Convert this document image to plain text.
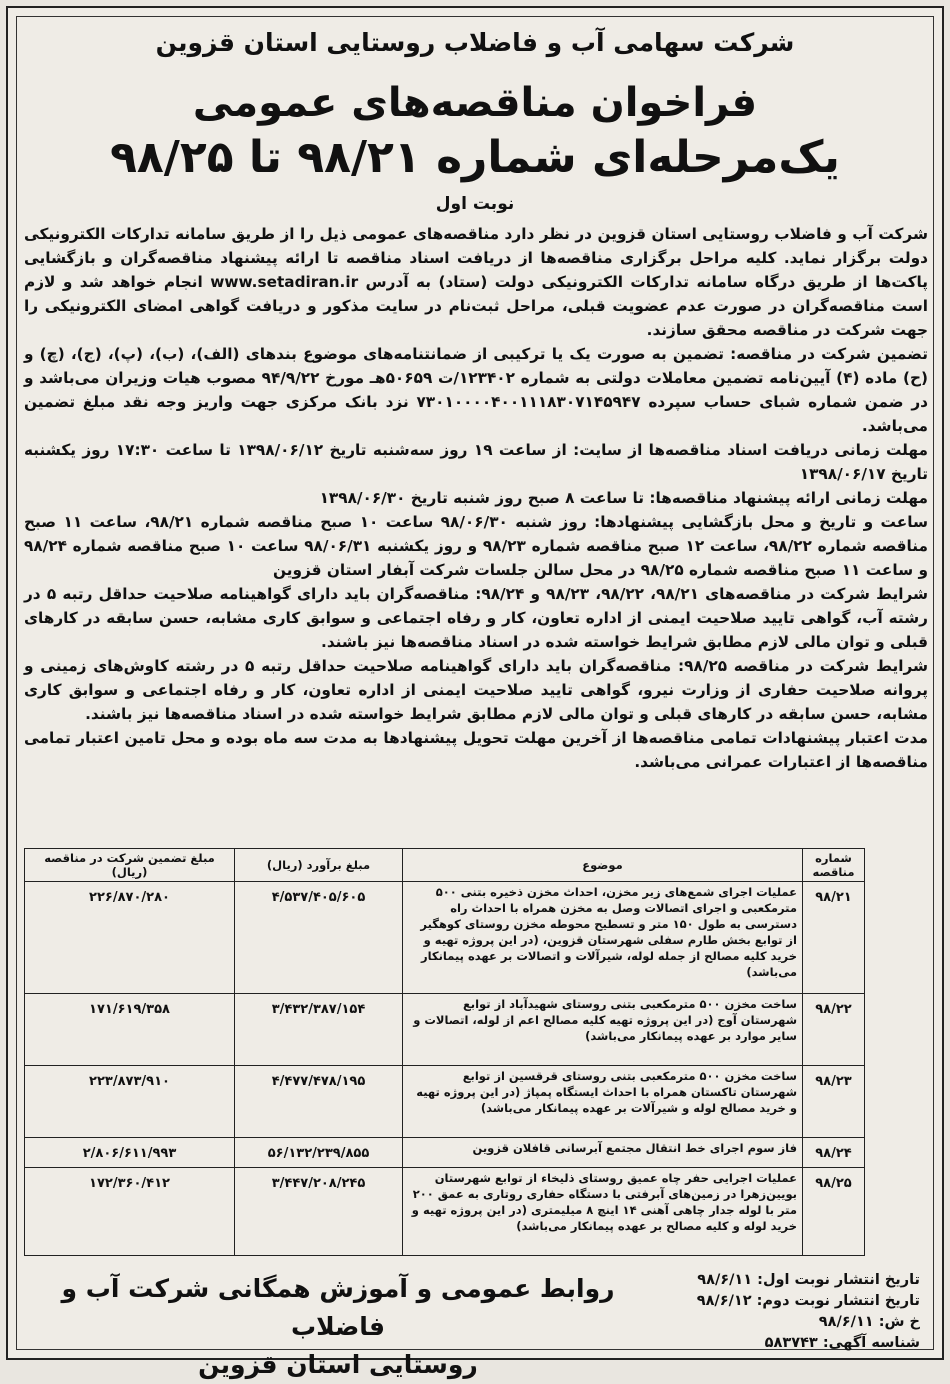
شرکت سهامی آب و فاضلاب روستایی استان قزوین
فراخوان مناقصه‌های عمومی
یک‌مرحله‌ای شماره ۹۸/۲۱ تا ۹۸/۲۵
نوبت اول

شرکت آب و فاضلاب روستایی استان قزوین در نظر دارد مناقصه‌های عمومی ذیل را از طریق سامانه تدارکات الکترونیکی دولت برگزار نماید. کلیه مراحل برگزاری مناقصه‌ها از دریافت اسناد مناقصه تا ارائه پیشنهاد مناقصه‌گران و بازگشایی پاکت‌ها از طریق درگاه سامانه تدارکات الکترونیکی دولت (ستاد) به آدرس www.setadiran.ir انجام خواهد شد و لازم است مناقصه‌گران در صورت عدم عضویت قبلی، مراحل ثبت‌نام در سایت مذکور و دریافت گواهی امضای الکترونیکی را جهت شرکت در مناقصه محقق سازند.

تضمین شرکت در مناقصه: تضمین به صورت یک یا ترکیبی از ضمانتنامه‌های موضوع بندهای (الف)، (ب)، (پ)، (ج)، (چ) و (ح) ماده (۴) آیین‌نامه تضمین معاملات دولتی به شماره ۱۲۳۴۰۲/ت ۵۰۶۵۹هـ مورخ ۹۴/۹/۲۲ مصوب هیات وزیران می‌باشد و در ضمن شماره شبای حساب سپرده ۷۳۰۱۰۰۰۰۴۰۰۱۱۱۸۳۰۷۱۴۵۹۴۷ نزد بانک مرکزی جهت واریز وجه نقد مبلغ تضمین می‌باشد.

مهلت زمانی دریافت اسناد مناقصه‌ها از سایت: از ساعت ۱۹ روز سه‌شنبه تاریخ ۱۳۹۸/۰۶/۱۲ تا ساعت ۱۷:۳۰ روز یکشنبه تاریخ ۱۳۹۸/۰۶/۱۷

مهلت زمانی ارائه پیشنهاد مناقصه‌ها: تا ساعت ۸ صبح روز شنبه تاریخ ۱۳۹۸/۰۶/۳۰

ساعت و تاریخ و محل بازگشایی پیشنهادها: روز شنبه ۹۸/۰۶/۳۰ ساعت ۱۰ صبح مناقصه شماره ۹۸/۲۱، ساعت ۱۱ صبح مناقصه شماره ۹۸/۲۲، ساعت ۱۲ صبح مناقصه شماره ۹۸/۲۳ و روز یکشنبه ۹۸/۰۶/۳۱ ساعت ۱۰ صبح مناقصه شماره ۹۸/۲۴ و ساعت ۱۱ صبح مناقصه شماره ۹۸/۲۵ در محل سالن جلسات شرکت آبفار استان قزوین

شرایط شرکت در مناقصه‌های ۹۸/۲۱، ۹۸/۲۲، ۹۸/۲۳ و ۹۸/۲۴: مناقصه‌گران باید دارای گواهینامه صلاحیت حداقل رتبه ۵ در رشته آب، گواهی تایید صلاحیت ایمنی از اداره تعاون، کار و رفاه اجتماعی و سوابق کاری مشابه، حسن سابقه در کارهای قبلی و توان مالی لازم مطابق شرایط خواسته شده در اسناد مناقصه‌ها نیز باشند.

شرایط شرکت در مناقصه ۹۸/۲۵: مناقصه‌گران باید دارای گواهینامه صلاحیت حداقل رتبه ۵ در رشته کاوش‌های زمینی و پروانه صلاحیت حفاری از وزارت نیرو، گواهی تایید صلاحیت ایمنی از اداره تعاون، کار و رفاه اجتماعی و سوابق کاری مشابه، حسن سابقه در کارهای قبلی و توان مالی لازم مطابق شرایط خواسته شده در اسناد مناقصه‌ها نیز باشند.

مدت اعتبار پیشنهادات تمامی مناقصه‌ها از آخرین مهلت تحویل پیشنهادها به مدت سه ماه بوده و محل تامین اعتبار تمامی مناقصه‌ها از اعتبارات عمرانی می‌باشد.

شماره مناقصه	موضوع	مبلغ برآورد (ریال)	مبلغ تضمین شرکت در مناقصه (ریال)
۹۸/۲۱	عملیات اجرای شمع‌های زیر مخزن، احداث مخزن ذخیره بتنی ۵۰۰ مترمکعبی و اجرای اتصالات وصل به مخزن همراه با احداث راه دسترسی به طول ۱۵۰ متر و تسطیح محوطه مخزن روستای کوهگیر از توابع بخش طارم سفلی شهرستان قزوین، (در این پروژه تهیه و خرید کلیه مصالح از جمله لوله، شیرآلات و اتصالات بر عهده پیمانکار می‌باشد)	۴/۵۳۷/۴۰۵/۶۰۵	۲۲۶/۸۷۰/۲۸۰
۹۸/۲۲	ساخت مخزن ۵۰۰ مترمکعبی بتنی روستای شهیدآباد از توابع شهرستان آوج (در این پروژه تهیه کلیه مصالح اعم از لوله، اتصالات و سایر موارد بر عهده پیمانکار می‌باشد)	۳/۴۳۲/۳۸۷/۱۵۴	۱۷۱/۶۱۹/۳۵۸
۹۸/۲۳	ساخت مخزن ۵۰۰ مترمکعبی بتنی روستای قرقسین از توابع شهرستان تاکستان همراه با احداث ایستگاه پمپاژ (در این پروژه تهیه و خرید مصالح لوله و شیرآلات بر عهده پیمانکار می‌باشد)	۴/۴۷۷/۴۷۸/۱۹۵	۲۲۳/۸۷۳/۹۱۰
۹۸/۲۴	فاز سوم اجرای خط انتقال مجتمع آبرسانی قافلان قزوین	۵۶/۱۳۲/۲۳۹/۸۵۵	۲/۸۰۶/۶۱۱/۹۹۳
۹۸/۲۵	عملیات اجرایی حفر چاه عمیق روستای ذلیخاء از توابع شهرستان بویین‌زهرا در زمین‌های آبرفتی با دستگاه حفاری روتاری به عمق ۲۰۰ متر با لوله جدار چاهی آهنی ۱۴ اینچ ۸ میلیمتری (در این پروژه تهیه و خرید لوله و کلیه مصالح بر عهده پیمانکار می‌باشد)	۳/۴۴۷/۲۰۸/۲۴۵	۱۷۲/۳۶۰/۴۱۲
تاریخ انتشار نوبت اول: ۹۸/۶/۱۱
تاریخ انتشار نوبت دوم: ۹۸/۶/۱۲
خ ش: ۹۸/۶/۱۱
شناسه آگهی: ۵۸۳۷۴۳
روابط عمومی و آموزش همگانی شرکت آب و فاضلاب
روستایی استان قزوین
